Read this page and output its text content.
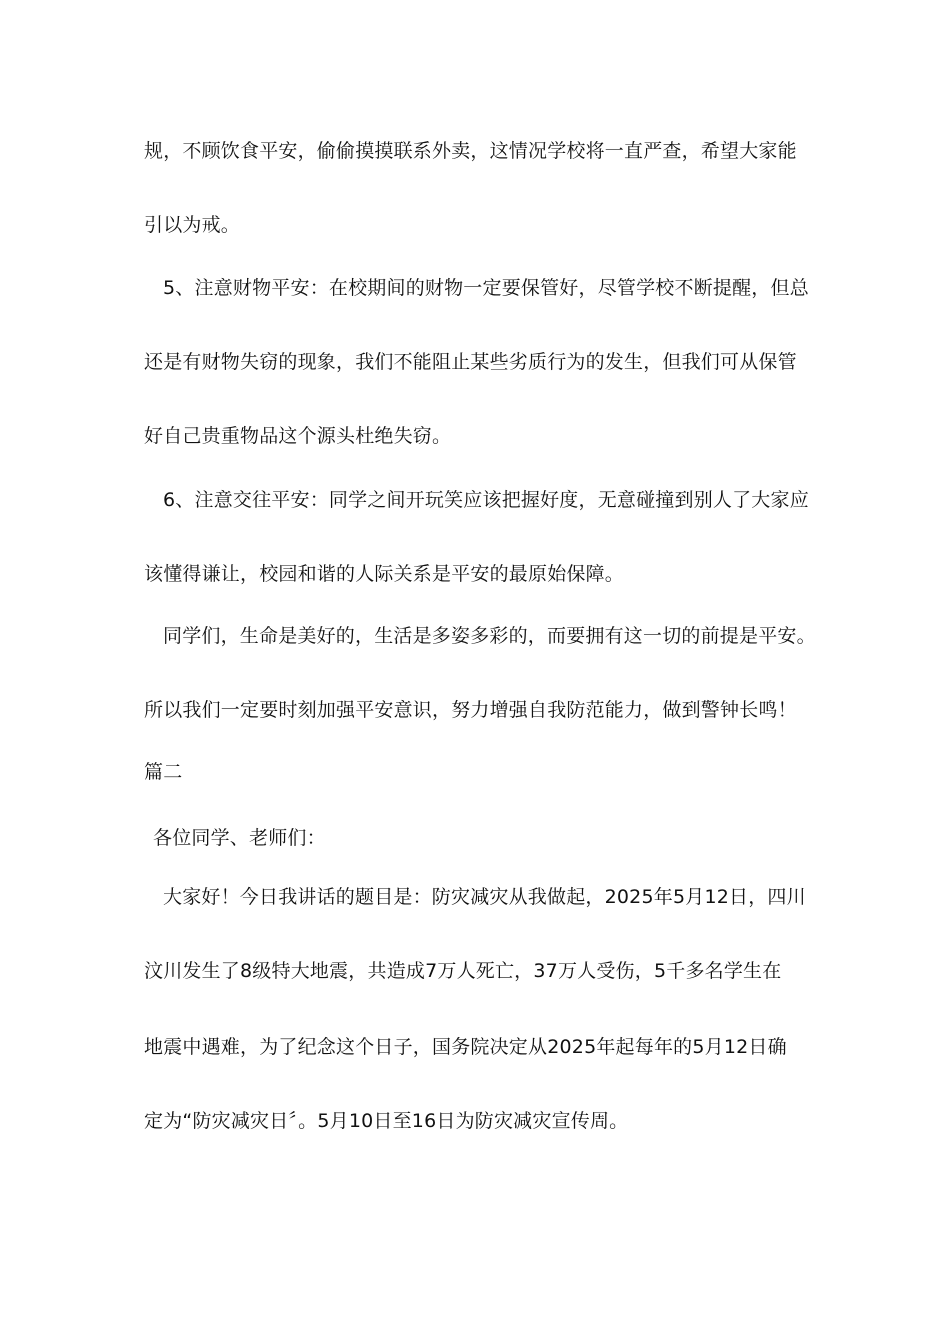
规，不顾饮食平安，偷偷摸摸联系外卖，这情况学校将一直严查，希望大家能
引以为戒。
5、注意财物平安：在校期间的财物一定要保管好，尽管学校不断提醒，但总
还是有财物失窃的现象，我们不能阻止某些劣质行为的发生，但我们可从保管
好自己贵重物品这个源头杜绝失窃。
6、注意交往平安：同学之间开玩笑应该把握好度，无意碰撞到别人了大家应
该懂得谦让，校园和谐的人际关系是平安的最原始保障。
同学们，生命是美好的，生活是多姿多彩的，而要拥有这一切的前提是平安。
所以我们一定要时刻加强平安意识，努力增强自我防范能力，做到警钟长鸣！
篇二
各位同学、老师们：
大家好！今日我讲话的题目是：防灾减灾从我做起，2025年5月12日，四川
汶川发生了8级特大地震，共造成7万人死亡，37万人受伤，5千多名学生在
地震中遇难，为了纪念这个日子，国务院决定从2025年起每年的5月12日确
定为“防灾减灾日〞。5月10日至16日为防灾减灾宣传周。
